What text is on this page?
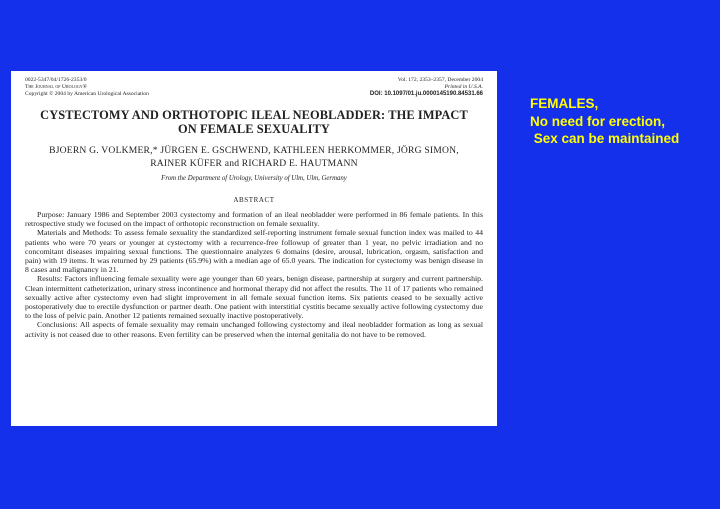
0022-5347/04/1726-2353/0
The Journal of Urology®
Copyright © 2004 by American Urological Association
Vol. 172, 2353–2357, December 2004
Printed in U.S.A.
DOI: 10.1097/01.ju.0000145190.84531.66
CYSTECTOMY AND ORTHOTOPIC ILEAL NEOBLADDER: THE IMPACT
ON FEMALE SEXUALITY
BJOERN G. VOLKMER,* JÜRGEN E. GSCHWEND, KATHLEEN HERKOMMER, JÖRG SIMON,
RAINER KÜFER and RICHARD E. HAUTMANN
From the Department of Urology, University of Ulm, Ulm, Germany
ABSTRACT

Purpose: January 1986 and September 2003 cystectomy and formation of an ileal neobladder were performed in 86 female patients. In this retrospective study we focused on the impact of orthotopic reconstruction on female sexuality.

Materials and Methods: To assess female sexuality the standardized self-reporting instrument female sexual function index was mailed to 44 patients who were 70 years or younger at cystectomy with a recurrence-free followup of greater than 1 year, no pelvic irradiation and no concomitant diseases impairing sexual functions. The questionnaire analyzes 6 domains (desire, arousal, lubrication, orgasm, satisfaction and pain) with 19 items. It was returned by 29 patients (65.9%) with a median age of 65.0 years. The indication for cystectomy was benign disease in 8 cases and malignancy in 21.

Results: Factors influencing female sexuality were age younger than 60 years, benign disease, partnership at surgery and current partnership. Clean intermittent catheterization, urinary stress incontinence and hormonal therapy did not affect the results. The 11 of 17 patients who remained sexually active after cystectomy even had slight improvement in all female sexual function items. Six patients ceased to be sexually active postoperatively due to erectile dysfunction or partner death. One patient with interstitial cystitis became sexually active following cystectomy due to the loss of pelvic pain. Another 12 patients remained sexually inactive postoperatively.

Conclusions: All aspects of female sexuality may remain unchanged following cystectomy and ileal neobladder formation as long as sexual activity is not ceased due to other reasons. Even fertility can be preserved when the internal genitalia do not have to be removed.

FEMALES,
No need for erection,
Sex can be maintained
